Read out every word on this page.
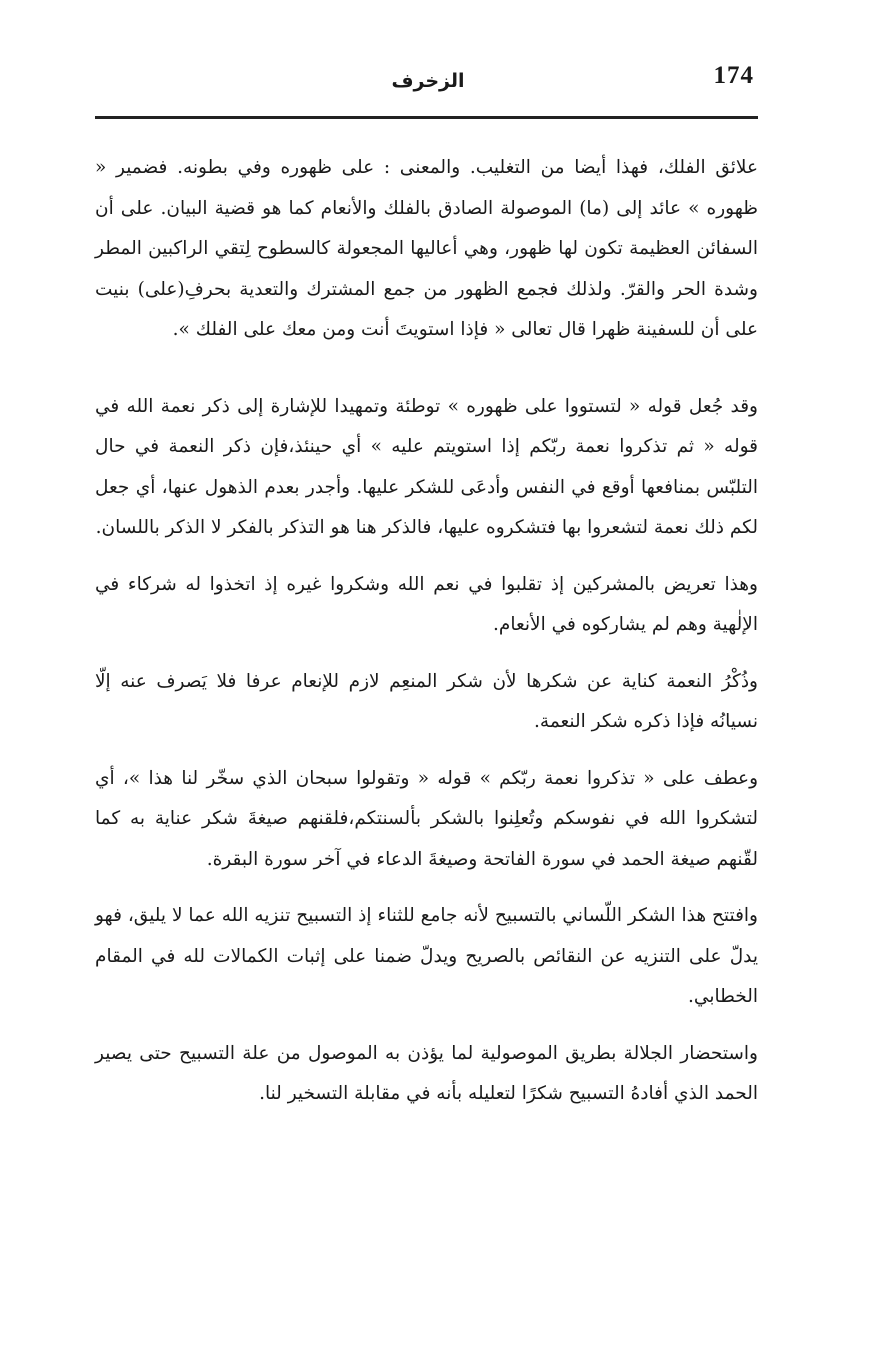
174
الزخرف

علائق الفلك، فهذا أيضا من التغليب. والمعنى : على ظهوره وفي بطونه. فضمير « ظهوره » عائد إلى (ما) الموصولة الصادق بالفلك والأنعام كما هو قضية البيان. على أن السفائن العظيمة تكون لها ظهور، وهي أعاليها المجعولة كالسطوح لِتقي الراكبين المطر وشدة الحر والقرّ. ولذلك فجمع الظهور من جمع المشترك والتعدية بحرفِ(على) بنيت على أن للسفينة ظهرا قال تعالى « فإذا استويتَ أنت ومن معك على الفلك ».

وقد جُعل قوله « لتستووا على ظهوره » توطئة وتمهيدا للإشارة إلى ذكر نعمة الله في قوله « ثم تذكروا نعمة ربّكم إذا استويتم عليه » أي حينئذ،فإن ذكر النعمة في حال التلبّس بمنافعها أوقع في النفس وأدعَى للشكر عليها. وأجدر بعدم الذهول عنها، أي جعل لكم ذلك نعمة لتشعروا بها فتشكروه عليها، فالذكر هنا هو التذكر بالفكر لا الذكر باللسان.

وهذا تعريض بالمشركين إذ تقلبوا في نعم الله وشكروا غيره إذ اتخذوا له شركاء في الإلٰهية وهم لم يشاركوه في الأنعام.

وذُكْرُ النعمة كناية عن شكرها لأن شكر المنعِم لازم للإنعام عرفا فلا يَصرف عنه إلّا نسيانُه فإذا ذكره شكر النعمة.

وعطف على « تذكروا نعمة ربّكم » قوله « وتقولوا سبحان الذي سخّر لنا هذا »، أي لتشكروا الله في نفوسكم وتُعلِنوا بالشكر بألسنتكم،فلقنهم صيغةَ شكر عناية به كما لقّنهم صيغة الحمد في سورة الفاتحة وصيغةَ الدعاء في آخر سورة البقرة.

وافتتح هذا الشكر اللّساني بالتسبيح لأنه جامع للثناء إذ التسبيح تنزيه الله عما لا يليق، فهو يدلّ على التنزيه عن النقائص بالصريح ويدلّ ضمنا على إثبات الكمالات لله في المقام الخطابي.

واستحضار الجلالة بطريق الموصولية لما يؤذن به الموصول من علة التسبيح حتى يصير الحمد الذي أفادهُ التسبيح شكرًا لتعليله بأنه في مقابلة التسخير لنا.
